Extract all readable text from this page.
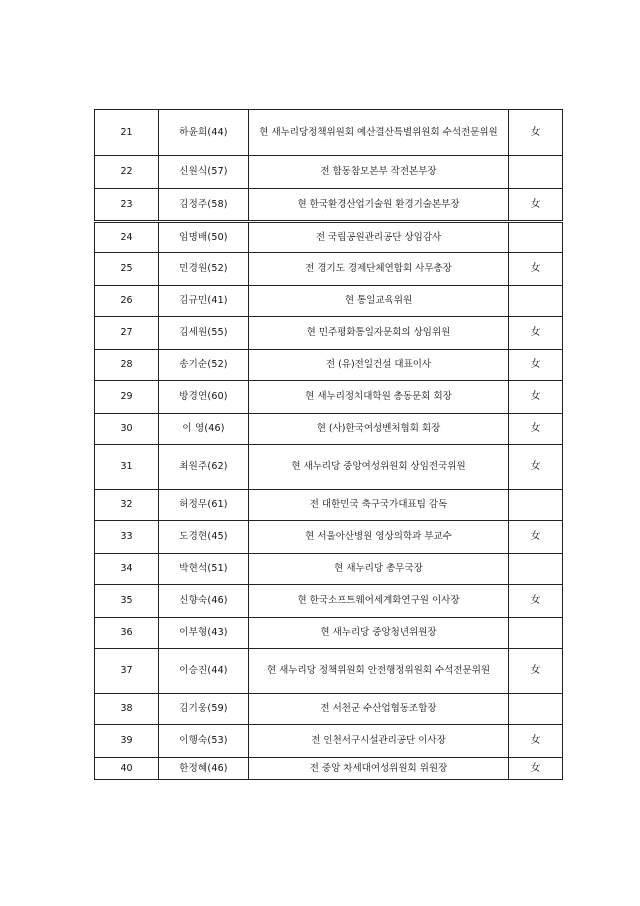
21	하윤희(44)	현 새누리당정책위원회 예산결산특별위원회 수석전문위원	女
22	신원식(57)	전 합동참모본부 작전본부장	
23	김정주(58)	현 한국환경산업기술원 환경기술본부장	女
24	임명배(50)	전 국립공원관리공단 상임감사	
25	민경원(52)	전 경기도 경제단체연합회 사무총장	女
26	김규민(41)	현 통일교육위원	
27	김세원(55)	현 민주평화통일자문회의 상임위원	女
28	송기순(52)	전 (유)전일건설 대표이사	女
29	방경연(60)	현 새누리정치대학원 총동문회 회장	女
30	이 영(46)	현 (사)한국여성벤처협회 회장	女
31	최원주(62)	현 새누리당 중앙여성위원회 상임전국위원	女
32	허정무(61)	전 대한민국 축구국가대표팀 감독	
33	도경현(45)	현 서울아산병원 영상의학과 부교수	女
34	박현석(51)	현 새누리당 총무국장	
35	신향숙(46)	현 한국소프트웨어세계화연구원 이사장	女
36	이부형(43)	현 새누리당 중앙청년위원장	
37	이승진(44)	현 새누리당 정책위원회 안전행정위원회 수석전문위원	女
38	김기웅(59)	전 서천군 수산업협동조합장	
39	이행숙(53)	전 인천서구시설관리공단 이사장	女
40	한정혜(46)	전 중앙 차세대여성위원회 위원장	女
